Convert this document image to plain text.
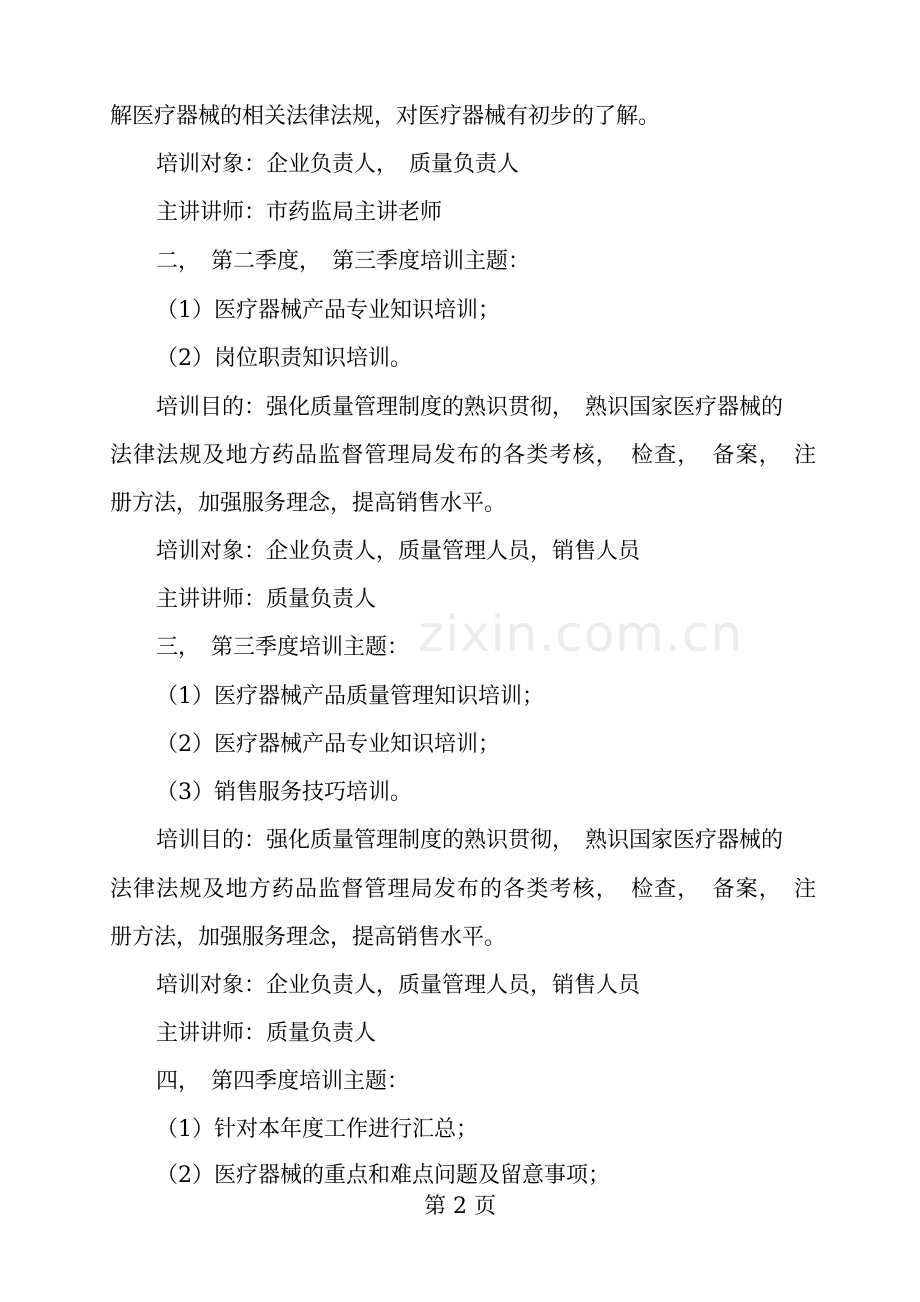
解医疗器械的相关法律法规，对医疗器械有初步的了解。
培训对象：企业负责人，　质量负责人
主讲讲师：市药监局主讲老师
二，　第二季度，　第三季度培训主题：
（1）医疗器械产品专业知识培训；
（2）岗位职责知识培训。
培训目的：强化质量管理制度的熟识贯彻，　熟识国家医疗器械的
法律法规及地方药品监督管理局发布的各类考核，　检查，　备案，　注
册方法，加强服务理念，提高销售水平。
培训对象：企业负责人，质量管理人员，销售人员
主讲讲师：质量负责人
三，　第三季度培训主题：
（1）医疗器械产品质量管理知识培训；
（2）医疗器械产品专业知识培训；
（3）销售服务技巧培训。
培训目的：强化质量管理制度的熟识贯彻，　熟识国家医疗器械的
法律法规及地方药品监督管理局发布的各类考核，　检查，　备案，　注
册方法，加强服务理念，提高销售水平。
培训对象：企业负责人，质量管理人员，销售人员
主讲讲师：质量负责人
四，　第四季度培训主题：
（1）针对本年度工作进行汇总；
（2）医疗器械的重点和难点问题及留意事项；
zixin.com.cn
第 2 页
